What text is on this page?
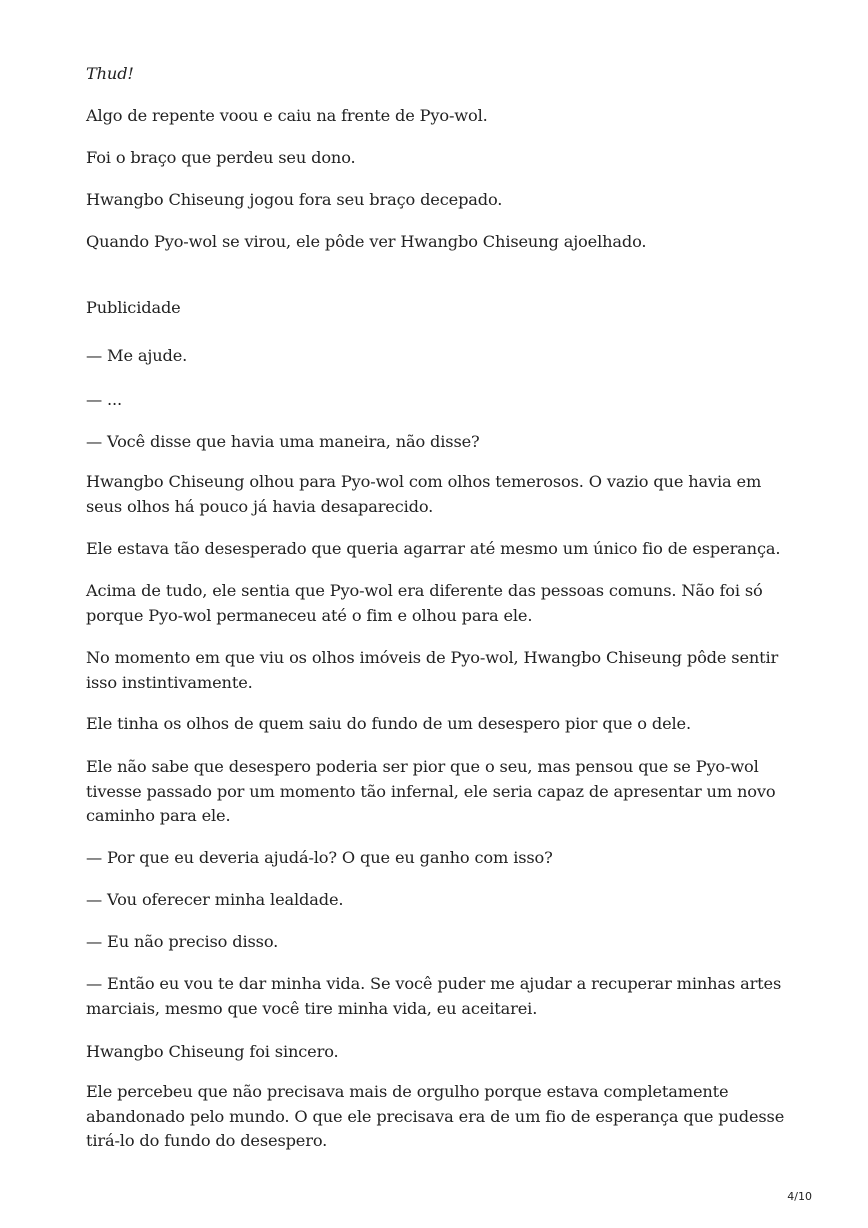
Thud!

Algo de repente voou e caiu na frente de Pyo-wol.

Foi o braço que perdeu seu dono.

Hwangbo Chiseung jogou fora seu braço decepado.

Quando Pyo-wol se virou, ele pôde ver Hwangbo Chiseung ajoelhado.

Publicidade

— Me ajude.

— ...

— Você disse que havia uma maneira, não disse?

Hwangbo Chiseung olhou para Pyo-wol com olhos temerosos. O vazio que havia em seus olhos há pouco já havia desaparecido.

Ele estava tão desesperado que queria agarrar até mesmo um único fio de esperança.

Acima de tudo, ele sentia que Pyo-wol era diferente das pessoas comuns. Não foi só porque Pyo-wol permaneceu até o fim e olhou para ele.

No momento em que viu os olhos imóveis de Pyo-wol, Hwangbo Chiseung pôde sentir isso instintivamente.

Ele tinha os olhos de quem saiu do fundo de um desespero pior que o dele.

Ele não sabe que desespero poderia ser pior que o seu, mas pensou que se Pyo-wol tivesse passado por um momento tão infernal, ele seria capaz de apresentar um novo caminho para ele.

— Por que eu deveria ajudá-lo? O que eu ganho com isso?

— Vou oferecer minha lealdade.

— Eu não preciso disso.

— Então eu vou te dar minha vida. Se você puder me ajudar a recuperar minhas artes marciais, mesmo que você tire minha vida, eu aceitarei.

Hwangbo Chiseung foi sincero.

Ele percebeu que não precisava mais de orgulho porque estava completamente abandonado pelo mundo. O que ele precisava era de um fio de esperança que pudesse tirá-lo do fundo do desespero.

4/10
